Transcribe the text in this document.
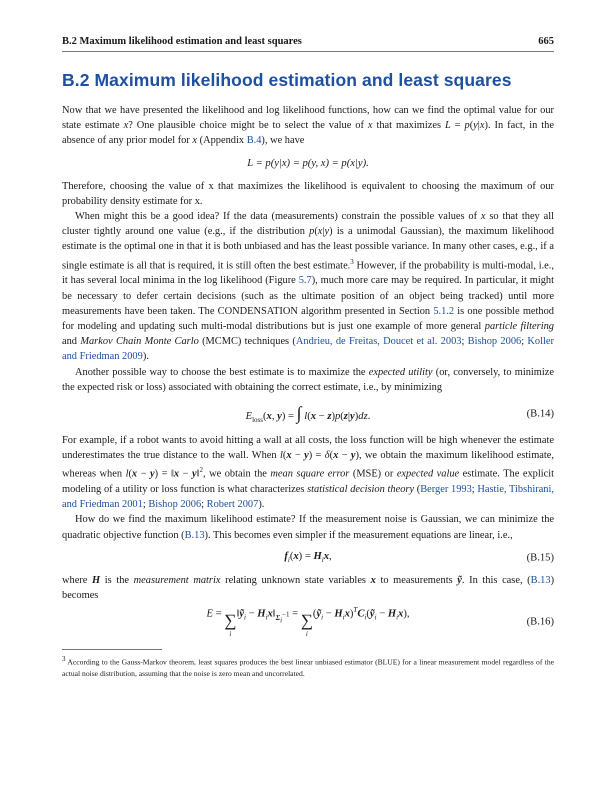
B.2 Maximum likelihood estimation and least squares	665
B.2 Maximum likelihood estimation and least squares

Now that we have presented the likelihood and log likelihood functions, how can we find the optimal value for our state estimate x? One plausible choice might be to select the value of x that maximizes L = p(y|x). In fact, in the absence of any prior model for x (Appendix B.4), we have

L = p(y|x) = p(y, x) = p(x|y).

Therefore, choosing the value of x that maximizes the likelihood is equivalent to choosing the maximum of our probability density estimate for x.

When might this be a good idea? If the data (measurements) constrain the possible values of x so that they all cluster tightly around one value (e.g., if the distribution p(x|y) is a unimodal Gaussian), the maximum likelihood estimate is the optimal one in that it is both unbiased and has the least possible variance. In many other cases, e.g., if a single estimate is all that is required, it is still often the best estimate.$^3$ However, if the probability is multi-modal, i.e., it has several local minima in the log likelihood (Figure 5.7), much more care may be required. In particular, it might be necessary to defer certain decisions (such as the ultimate position of an object being tracked) until more measurements have been taken. The CONDENSATION algorithm presented in Section 5.1.2 is one possible method for modeling and updating such multi-modal distributions but is just one example of more general particle filtering and Markov Chain Monte Carlo (MCMC) techniques (Andrieu, de Freitas, Doucet et al. 2003; Bishop 2006; Koller and Friedman 2009).

Another possible way to choose the best estimate is to maximize the expected utility (or, conversely, to minimize the expected risk or loss) associated with obtaining the correct estimate, i.e., by minimizing

$E_{loss}(x$, y) = ∫ l(x − z)p(z|y)dz.	(B.14)

For example, if a robot wants to avoid hitting a wall at all costs, the loss function will be high whenever the estimate underestimates the true distance to the wall. When l(x − y) = δ(x − y), we obtain the maximum likelihood estimate, whereas when l(x − y) = ‖x − y‖$^2$, we obtain the mean square error (MSE) or expected value estimate. The explicit modeling of a utility or loss function is what characterizes statistical decision theory (Berger 1993; Hastie, Tibshirani, and Friedman 2001; Bishop 2006; Robert 2007).

How do we find the maximum likelihood estimate? If the measurement noise is Gaussian, we can minimize the quadratic objective function (B.13). This becomes even simpler if the measurement equations are linear, i.e.,

$f_i(x) = H_ix$,	(B.15)

where H is the measurement matrix relating unknown state variables x to measurements ỹ. In this case, (B.13) becomes

E = ∑
i
‖ỹ$_i$ − $H_ix‖_{\Sigma_i^{-1}}$ = ∑
i
(ỹ$_i$ − $H_ix)^TC_i(ỹ_i - H_ix)$,
(B.16)

3 According to the Gauss-Markov theorem, least squares produces the best linear unbiased estimator (BLUE) for a linear measurement model regardless of the actual noise distribution, assuming that the noise is zero mean and uncorrelated.
